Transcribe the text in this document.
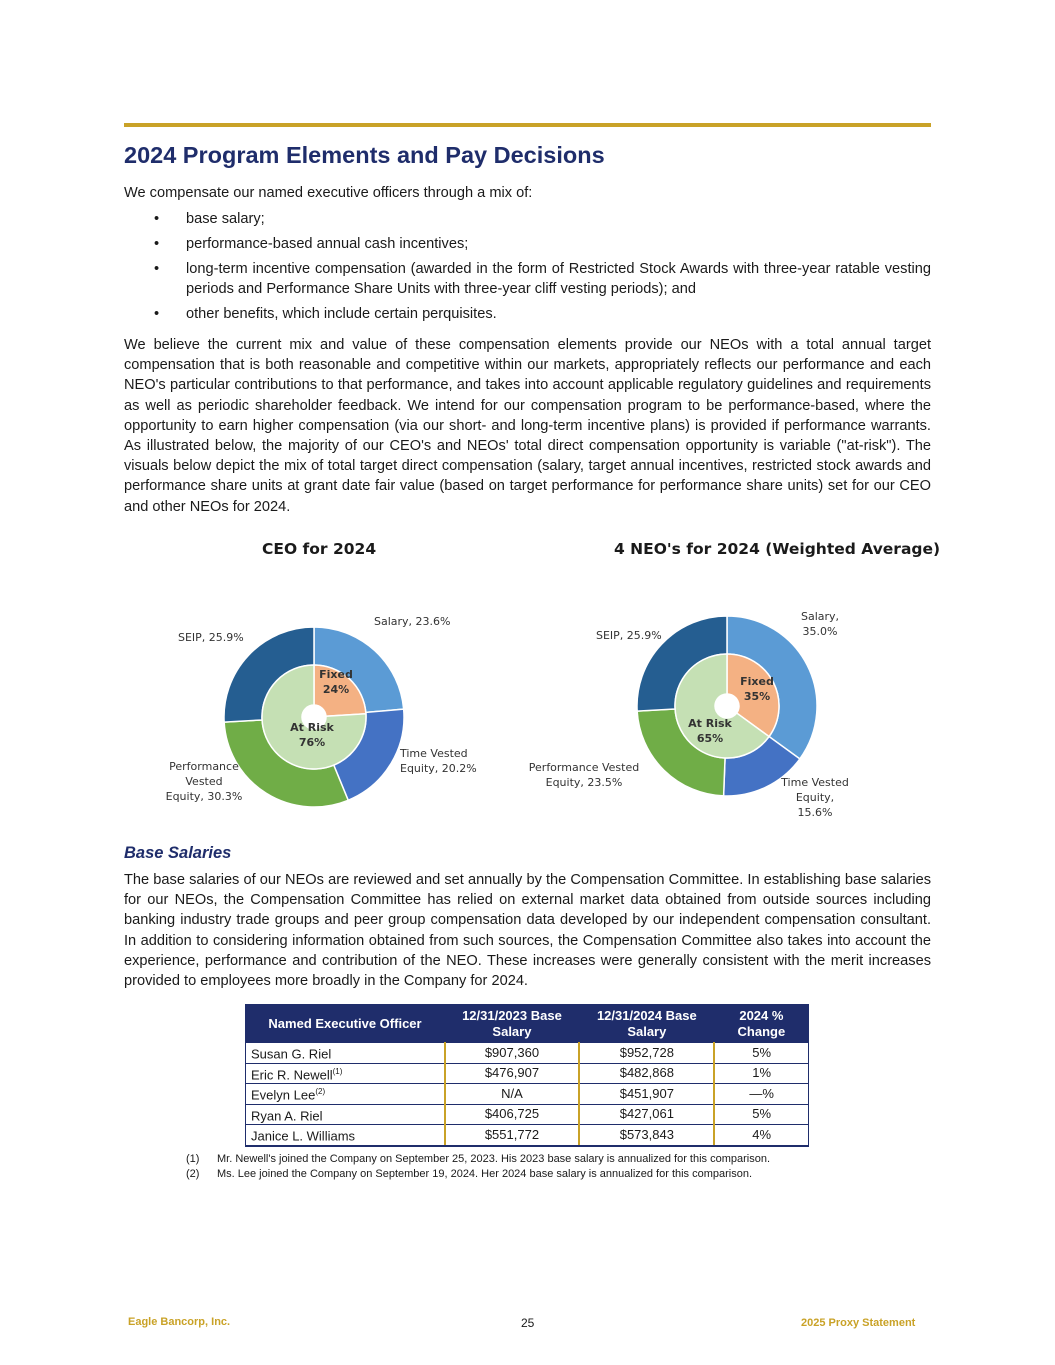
2024 Program Elements and Pay Decisions

We compensate our named executive officers through a mix of:

• base salary;
• performance-based annual cash incentives;
• long-term incentive compensation (awarded in the form of Restricted Stock Awards with three-year ratable vesting periods and Performance Share Units with three-year cliff vesting periods); and
• other benefits, which include certain perquisites.

We believe the current mix and value of these compensation elements provide our NEOs with a total annual target compensation that is both reasonable and competitive within our markets, appropriately reflects our performance and each NEO's particular contributions to that performance, and takes into account applicable regulatory guidelines and requirements as well as periodic shareholder feedback. We intend for our compensation program to be performance-based, where the opportunity to earn higher compensation (via our short- and long-term incentive plans) is provided if performance warrants. As illustrated below, the majority of our CEO's and NEOs' total direct compensation opportunity is variable ("at-risk"). The visuals below depict the mix of total target direct compensation (salary, target annual incentives, restricted stock awards and performance share units at grant date fair value (based on target performance for performance share units) set for our CEO and other NEOs for 2024.

CEO for 2024	4 NEO's for 2024 (Weighted Average)
Salary, 23.6%
Time Vested Equity, 20.2%
Performance Vested Equity, 30.3%
SEIP, 25.9%
Fixed 24%
At Risk 76%
Salary, 35.0%
Time Vested Equity, 15.6%
Performance Vested Equity, 23.5%
SEIP, 25.9%
Fixed 35%
At Risk 65%
Base Salaries

The base salaries of our NEOs are reviewed and set annually by the Compensation Committee. In establishing base salaries for our NEOs, the Compensation Committee has relied on external market data obtained from outside sources including banking industry trade groups and peer group compensation data developed by our independent compensation consultant. In addition to considering information obtained from such sources, the Compensation Committee also takes into account the experience, performance and contribution of the NEO. These increases were generally consistent with the merit increases provided to employees more broadly in the Company for 2024.

Named Executive Officer	12/31/2023 Base Salary	12/31/2024 Base Salary	2024 % Change
Susan G. Riel	$907,360	$952,728	5%
Eric R. Newell$^{(1)}$	$476,907	$482,868	1%
Evelyn Lee$^{(2)}$	N/A	$451,907	—%
Ryan A. Riel	$406,725	$427,061	5%
Janice L. Williams	$551,772	$573,843	4%
(1)	Mr. Newell's joined the Company on September 25, 2023. His 2023 base salary is annualized for this comparison.
(2)	Ms. Lee joined the Company on September 19, 2024. Her 2024 base salary is annualized for this comparison.
Eagle Bancorp, Inc.	25	2025 Proxy Statement
